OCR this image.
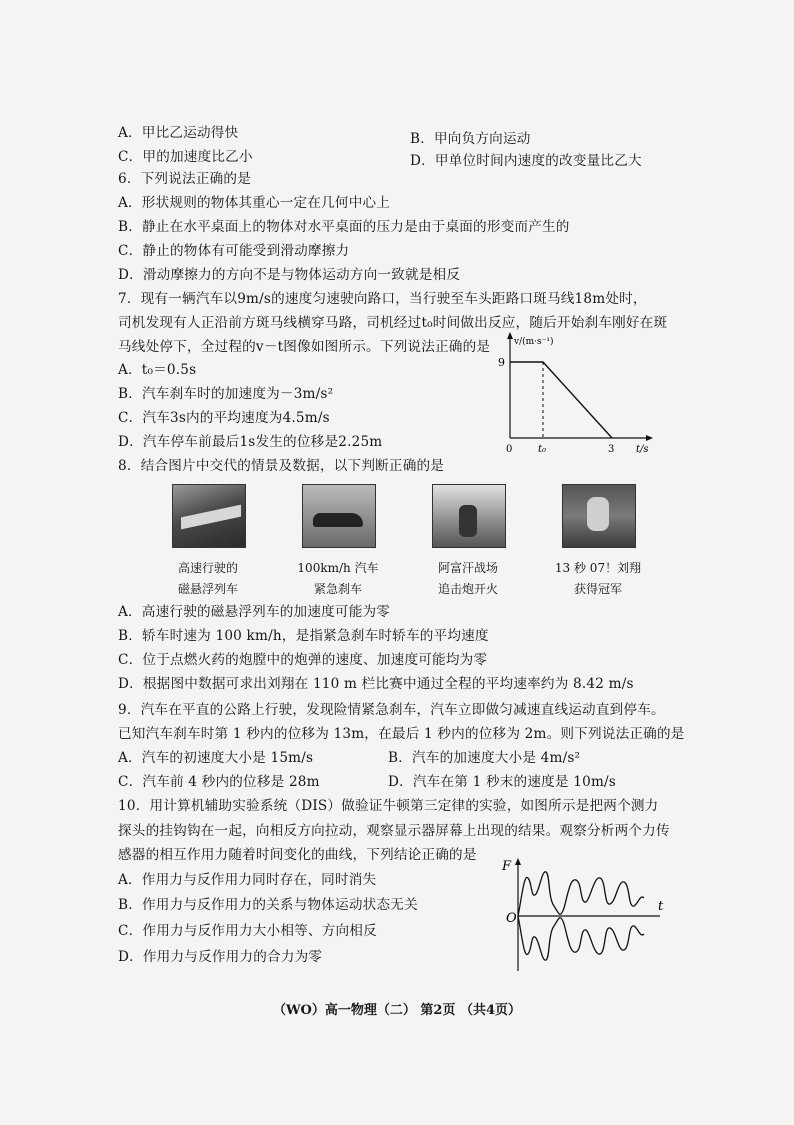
A．甲比乙运动得快	B．甲向负方向运动
C．甲的加速度比乙小	D．甲单位时间内速度的改变量比乙大
6．下列说法正确的是
A．形状规则的物体其重心一定在几何中心上
B．静止在水平桌面上的物体对水平桌面的压力是由于桌面的形变而产生的
C．静止的物体有可能受到滑动摩擦力
D．滑动摩擦力的方向不是与物体运动方向一致就是相反
7．现有一辆汽车以9m/s的速度匀速驶向路口，当行驶至车头距路口斑马线18m处时，
司机发现有人正沿前方斑马线横穿马路，司机经过t₀时间做出反应，随后开始刹车刚好在斑
马线处停下，全过程的v－t图像如图所示。下列说法正确的是
A．t₀＝0.5s
B．汽车刹车时的加速度为－3m/s²
C．汽车3s内的平均速度为4.5m/s
D．汽车停车前最后1s发生的位移是2.25m
v/(m·s⁻¹)
9
0	t₀	3 t/s
8．结合图片中交代的情景及数据，以下判断正确的是
高速行驶的
磁悬浮列车
100km/h 汽车
紧急刹车
阿富汗战场
追击炮开火
13 秒 07！刘翔
获得冠军
A．高速行驶的磁悬浮列车的加速度可能为零
B．轿车时速为 100 km/h，是指紧急刹车时轿车的平均速度
C．位于点燃火药的炮膛中的炮弹的速度、加速度可能均为零
D．根据图中数据可求出刘翔在 110 m 栏比赛中通过全程的平均速率约为 8.42 m/s
9．汽车在平直的公路上行驶，发现险情紧急刹车，汽车立即做匀减速直线运动直到停车。
已知汽车刹车时第 1 秒内的位移为 13m，在最后 1 秒内的位移为 2m。则下列说法正确的是
A．汽车的初速度大小是 15m/s	B．汽车的加速度大小是 4m/s²
C．汽车前 4 秒内的位移是 28m	D．汽车在第 1 秒末的速度是 10m/s
10．用计算机辅助实验系统（DIS）做验证牛顿第三定律的实验，如图所示是把两个测力
探头的挂钩钩在一起，向相反方向拉动，观察显示器屏幕上出现的结果。观察分析两个力传
感器的相互作用力随着时间变化的曲线，下列结论正确的是
A．作用力与反作用力同时存在，同时消失
B．作用力与反作用力的关系与物体运动状态无关
C．作用力与反作用力大小相等、方向相反
D．作用力与反作用力的合力为零
F
O
t
（WO）高一物理（二） 第2页 （共4页）
